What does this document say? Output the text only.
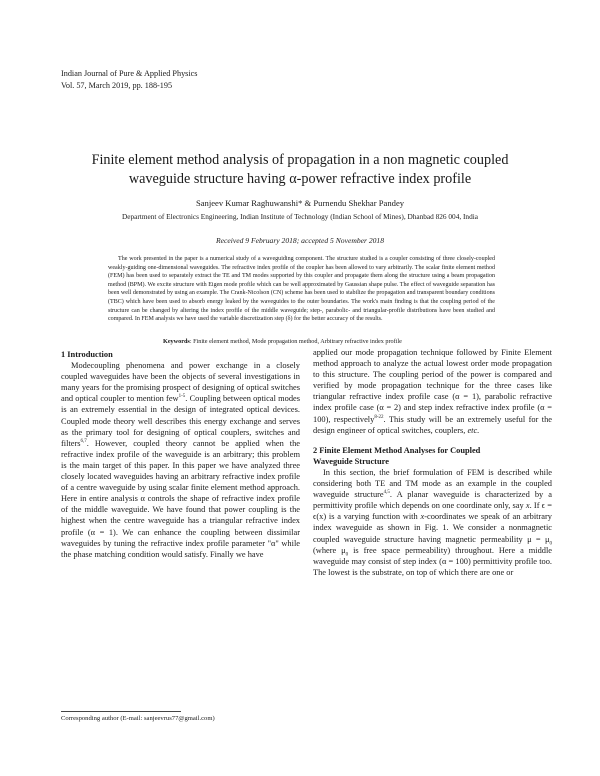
Indian Journal of Pure & Applied Physics
Vol. 57, March 2019, pp. 188-195
Finite element method analysis of propagation in a non magnetic coupled
waveguide structure having α-power refractive index profile
Sanjeev Kumar Raghuwanshi* & Purnendu Shekhar Pandey
Department of Electronics Engineering, Indian Institute of Technology (Indian School of Mines), Dhanbad 826 004, India
Received 9 February 2018; accepted 5 November 2018

The work presented in the paper is a numerical study of a waveguiding component. The structure studied is a coupler consisting of three closely-coupled weakly-guiding one-dimensional waveguides. The refractive index profile of the coupler has been allowed to vary arbitrarily. The scalar finite element method (FEM) has been used to separately extract the TE and TM modes supported by this coupler and propagate them along the structure using a beam propagation method (BPM). We excite structure with Eigen mode profile which can be well approximated by Gaussian shape pulse. The effect of waveguide separation has been well demonstrated by using an example. The Crank-Nicolson (CN) scheme has been used to stabilize the propagation and transparent boundary conditions (TBC) which have been used to absorb energy leaked by the waveguides to the outer boundaries. The work's main finding is that the coupling period of the structure can be changed by altering the index profile of the middle waveguide; step-, parabolic- and triangular-profile distributions have been studied and compared. In FEM analysis we have used the variable discretization step (δ) for the better accuracy of the results.

Keywords: Finite element method, Mode propagation method, Arbitrary refractive index profile
1 Introduction

Modecoupling phenomena and power exchange in a closely coupled waveguides have been the objects of several investigations in many years for the promising prospect of designing of optical switches and optical coupler to mention few$^{1-5}$. Coupling between optical modes is an extremely essential in the design of integrated optical devices. Coupled mode theory well describes this energy exchange and serves as the primary tool for designing of optical couplers, switches and filters$^{6,7}$. However, coupled theory cannot be applied when the refractive index profile of the waveguide is an arbitrary; this problem is the main target of this paper. In this paper we have analyzed three closely located waveguides having an arbitrary refractive index profile of a centre waveguide by using scalar finite element method approach. Here in entire analysis α controls the shape of refractive index profile of the middle waveguide. We have found that power coupling is the highest when the centre waveguide has a triangular refractive index profile (α = 1). We can enhance the coupling between dissimilar waveguides by tuning the refractive index profile parameter "α" while the phase matching condition would satisfy. Finally we have

applied our mode propagation technique followed by Finite Element method approach to analyze the actual lowest order mode propagation to this structure. The coupling period of the power is compared and verified by mode propagation technique for the three cases like triangular refractive index profile case (α = 1), parabolic refractive index profile case (α = 2) and step index refractive index profile (α = 100), respectively$^{8-22}$. This study will be an extremely useful for the design engineer of optical switches, couplers, etc.

2 Finite Element Method Analyses for Coupled
Waveguide Structure

In this section, the brief formulation of FEM is described while considering both TE and TM mode as an example in the coupled waveguide structure$^{4,5}$. A planar waveguide is characterized by a permittivity profile which depends on one coordinate only, say x. If ϵ = ϵ(x) is a varying function with x-coordinates we speak of an arbitrary index waveguide as shown in Fig. 1. We consider a nonmagnetic coupled waveguide structure having magnetic permeability $\mu = \mu_0$ (where $\mu_0$ is free space permeability) throughout. Here a middle waveguide may consist of step index (α = 100) permittivity profile too. The lowest is the substrate, on top of which there are one or

Corresponding author (E-mail: sanjeevrus77@gmail.com)
